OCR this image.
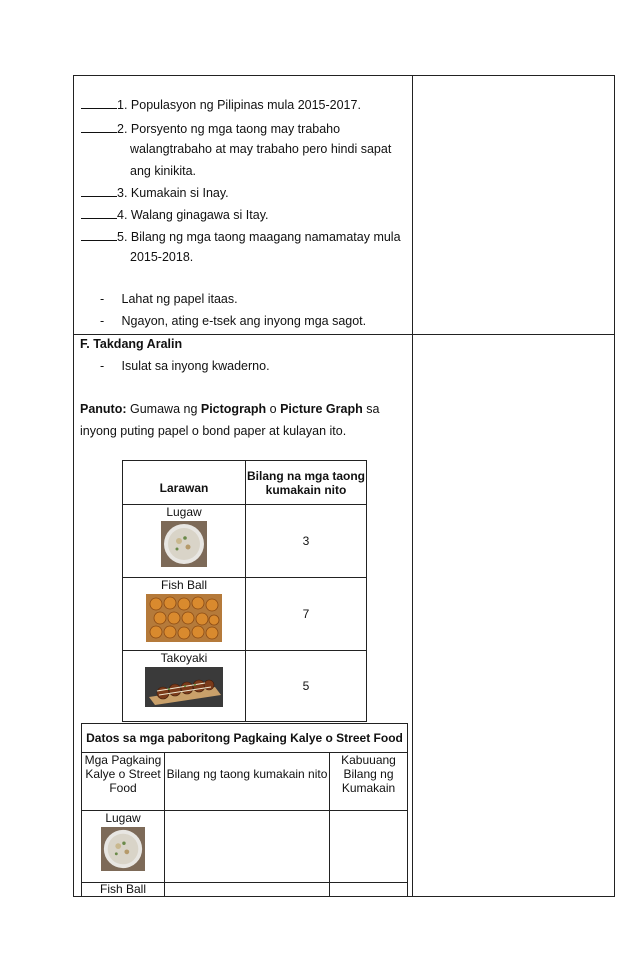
1. Populasyon ng Pilipinas mula 2015-2017.
2. Porsyento ng mga taong may trabaho
walangtrabaho at may trabaho pero hindi sapat
ang kinikita.
3. Kumakain si Inay.
4. Walang ginagawa si Itay.
5. Bilang ng mga taong maagang namamatay mula
2015-2018.
-     Lahat ng papel itaas.
-     Ngayon, ating e-tsek ang inyong mga sagot.
F. Takdang Aralin
-     Isulat sa inyong kwaderno.
Panuto: Gumawa ng Pictograph o Picture Graph sa
inyong puting papel o bond paper at kulayan ito.
Larawan	Bilang na mga taong kumakain nito

Lugaw	3

Fish Ball	7

Takoyaki	5
Datos sa mga paboritong Pagkaing Kalye o Street Food		
Mga Pagkaing Kalye o Street Food	Bilang ng taong kumakain nito	Kabuuang Bilang ng Kumakain

Lugaw		

Fish Ball		
